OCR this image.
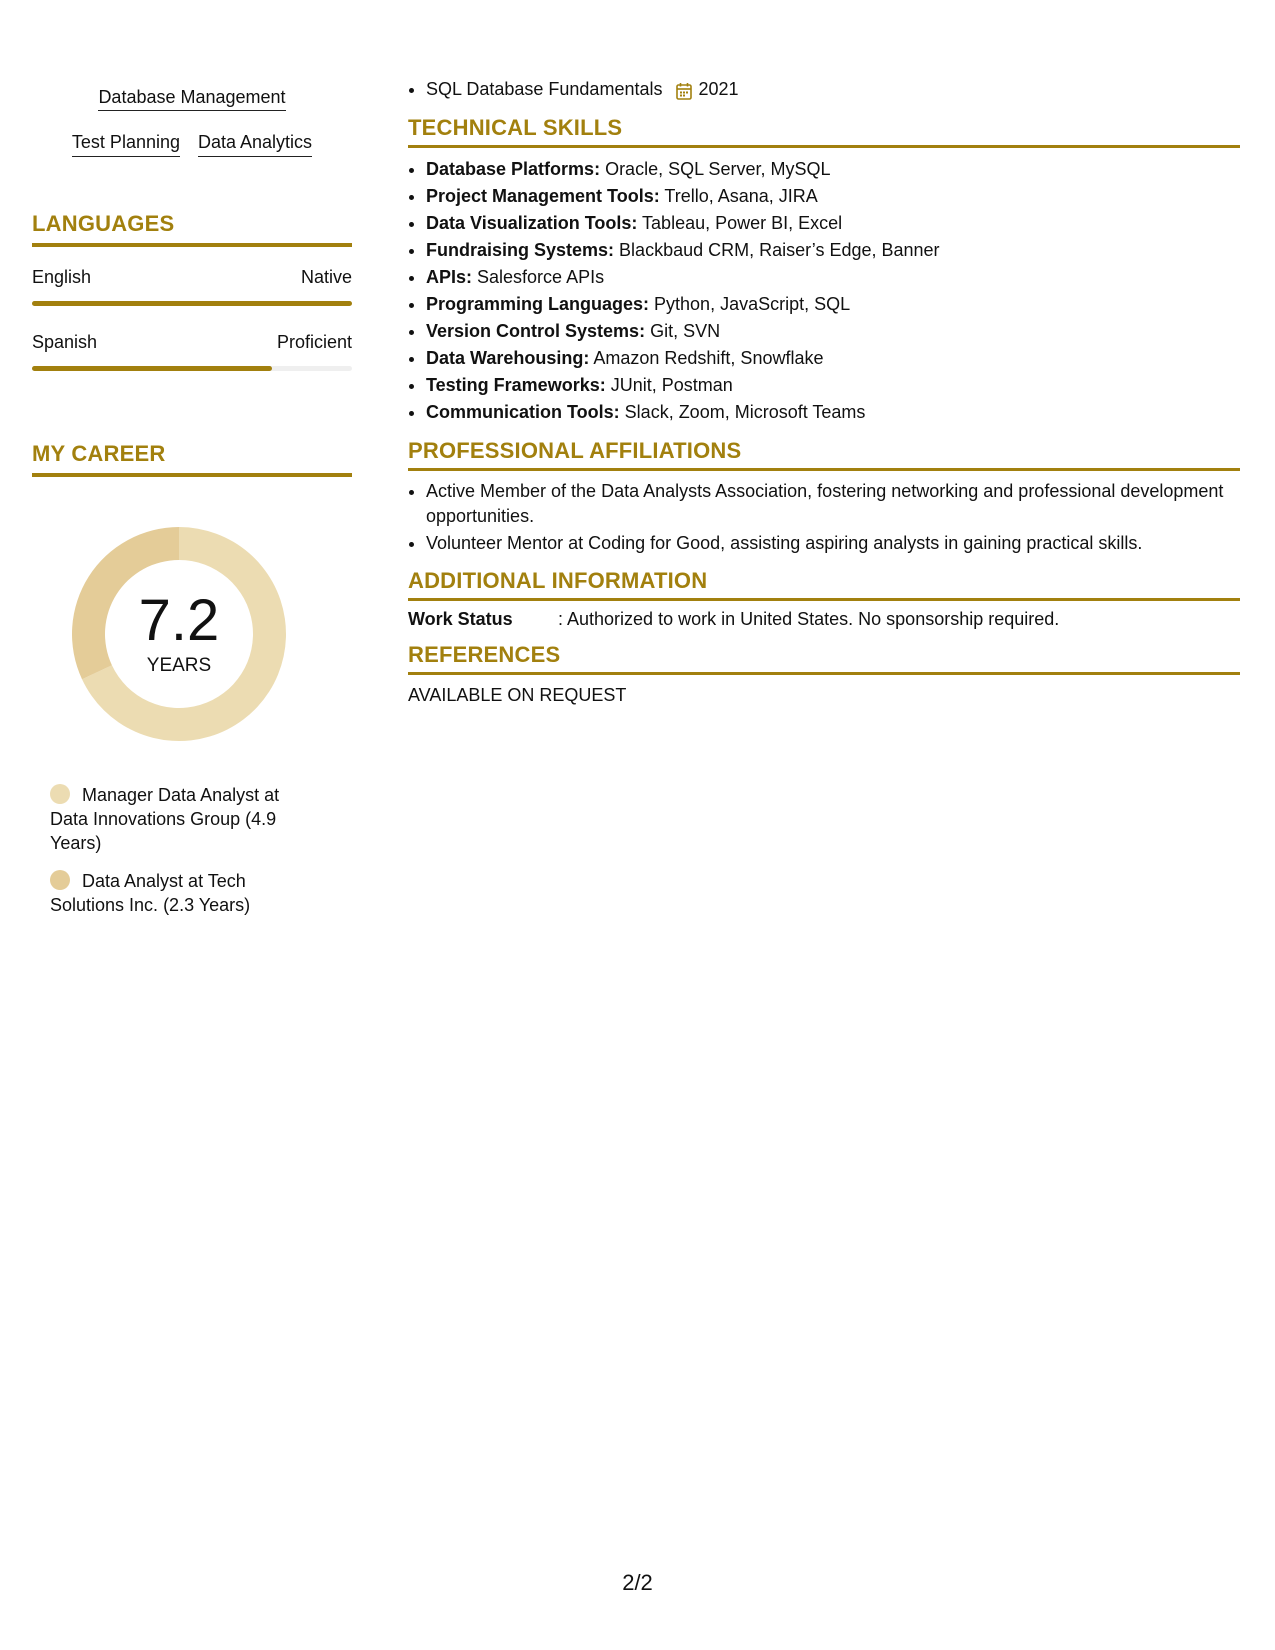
Database Management
Test Planning Data Analytics
LANGUAGES
English	Native
Spanish	Proficient
MY CAREER
7.2
YEARS
Manager Data Analyst at Data Innovations Group (4.9 Years)
Data Analyst at Tech Solutions Inc. (2.3 Years)
• SQL Database Fundamentals 2021
TECHNICAL SKILLS
• Database Platforms: Oracle, SQL Server, MySQL
• Project Management Tools: Trello, Asana, JIRA
• Data Visualization Tools: Tableau, Power BI, Excel
• Fundraising Systems: Blackbaud CRM, Raiser’s Edge, Banner
• APIs: Salesforce APIs
• Programming Languages: Python, JavaScript, SQL
• Version Control Systems: Git, SVN
• Data Warehousing: Amazon Redshift, Snowflake
• Testing Frameworks: JUnit, Postman
• Communication Tools: Slack, Zoom, Microsoft Teams
PROFESSIONAL AFFILIATIONS
• Active Member of the Data Analysts Association, fostering networking and professional development opportunities.
• Volunteer Mentor at Coding for Good, assisting aspiring analysts in gaining practical skills.
ADDITIONAL INFORMATION
Work Status	: Authorized to work in United States. No sponsorship required.
REFERENCES
AVAILABLE ON REQUEST
2/2
